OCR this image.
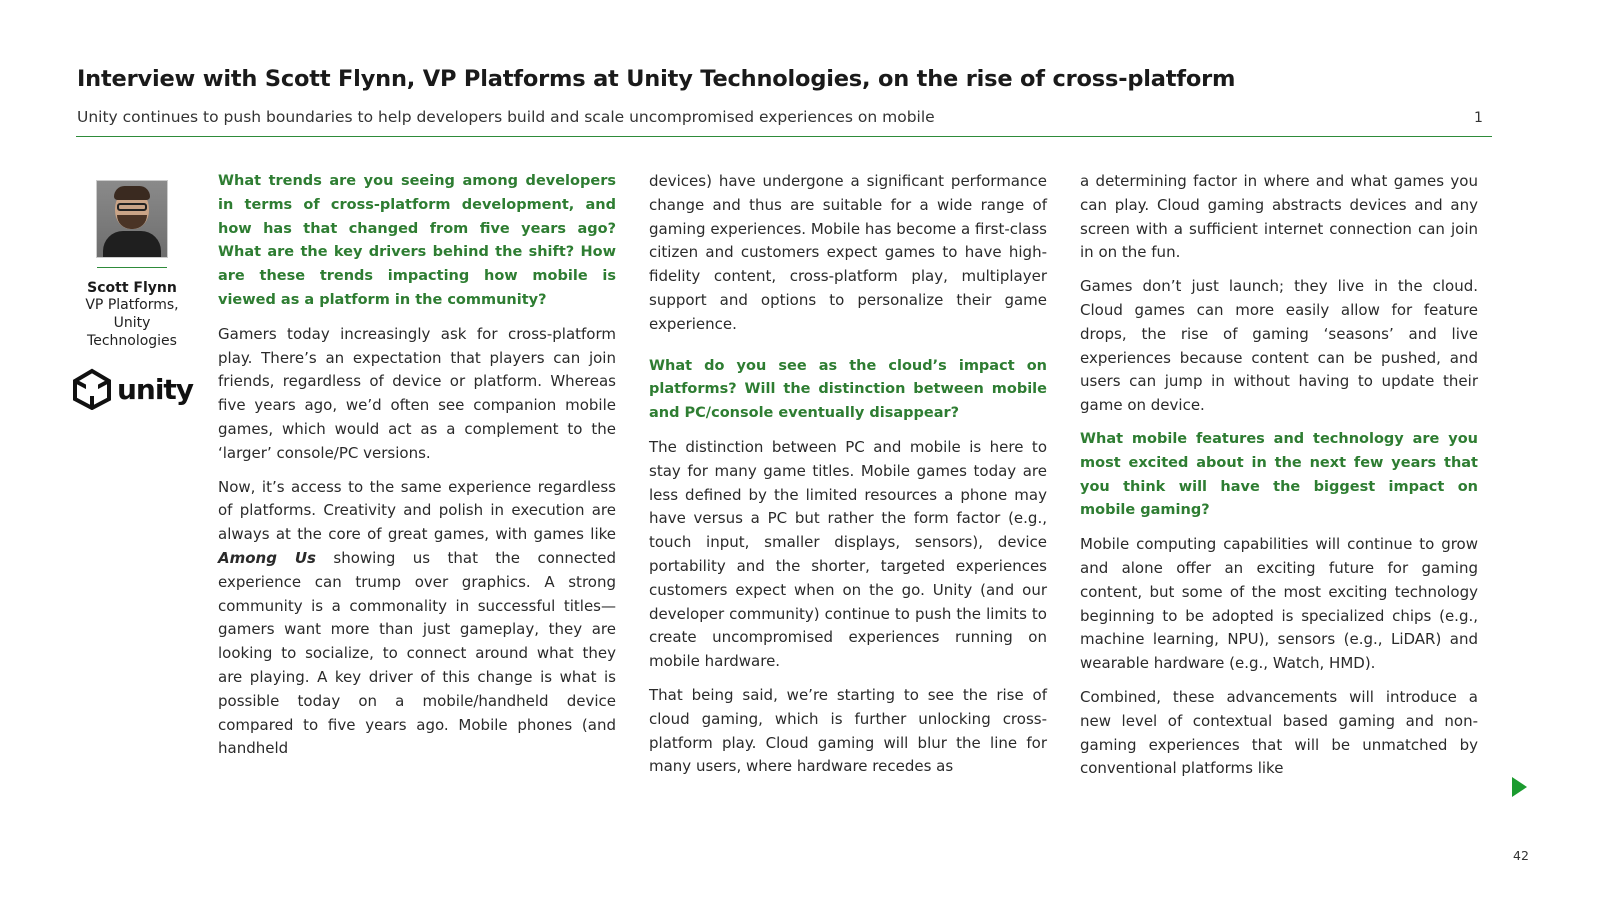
Interview with Scott Flynn, VP Platforms at Unity Technologies, on the rise of cross-platform
Unity continues to push boundaries to help developers build and scale uncompromised experiences on mobile	1
Scott Flynn
VP Platforms, Unity Technologies
unity

What trends are you seeing among developers in terms of cross-platform development, and how has that changed from five years ago? What are the key drivers behind the shift? How are these trends impacting how mobile is viewed as a platform in the community?

Gamers today increasingly ask for cross-platform play. There’s an expectation that players can join friends, regardless of device or platform. Whereas five years ago, we’d often see companion mobile games, which would act as a complement to the ‘larger’ console/PC versions.

Now, it’s access to the same experience regardless of platforms. Creativity and polish in execution are always at the core of great games, with games like Among Us showing us that the connected experience can trump over graphics. A strong community is a commonality in successful titles—gamers want more than just gameplay, they are looking to socialize, to connect around what they are playing. A key driver of this change is what is possible today on a mobile/handheld device compared to five years ago. Mobile phones (and handheld

devices) have undergone a significant performance change and thus are suitable for a wide range of gaming experiences. Mobile has become a first-class citizen and customers expect games to have high-fidelity content, cross-platform play, multiplayer support and options to personalize their game experience.

What do you see as the cloud’s impact on platforms? Will the distinction between mobile and PC/console eventually disappear?

The distinction between PC and mobile is here to stay for many game titles. Mobile games today are less defined by the limited resources a phone may have versus a PC but rather the form factor (e.g., touch input, smaller displays, sensors), device portability and the shorter, targeted experiences customers expect when on the go. Unity (and our developer community) continue to push the limits to create uncompromised experiences running on mobile hardware.

That being said, we’re starting to see the rise of cloud gaming, which is further unlocking cross-platform play. Cloud gaming will blur the line for many users, where hardware recedes as

a determining factor in where and what games you can play. Cloud gaming abstracts devices and any screen with a sufficient internet connection can join in on the fun.

Games don’t just launch; they live in the cloud. Cloud games can more easily allow for feature drops, the rise of gaming ‘seasons’ and live experiences because content can be pushed, and users can jump in without having to update their game on device.

What mobile features and technology are you most excited about in the next few years that you think will have the biggest impact on mobile gaming?

Mobile computing capabilities will continue to grow and alone offer an exciting future for gaming content, but some of the most exciting technology beginning to be adopted is specialized chips (e.g., machine learning, NPU), sensors (e.g., LiDAR) and wearable hardware (e.g., Watch, HMD).

Combined, these advancements will introduce a new level of contextual based gaming and non-gaming experiences that will be unmatched by conventional platforms like

42
